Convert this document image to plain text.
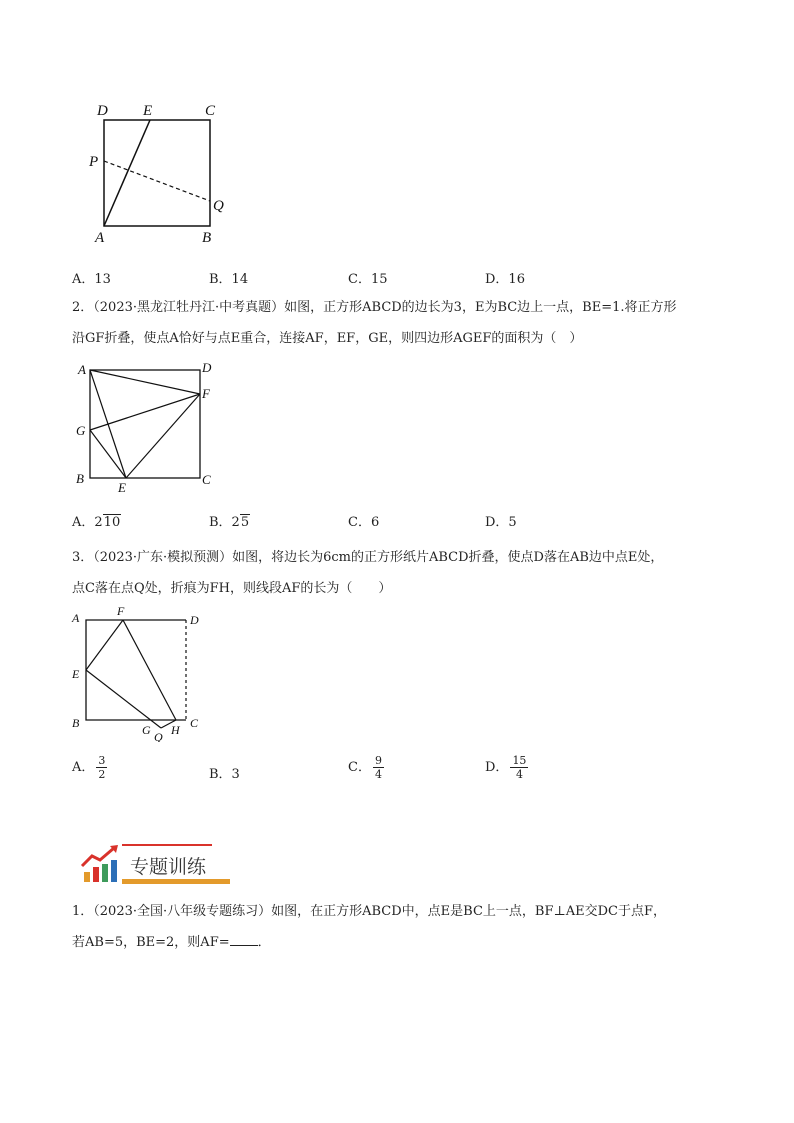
D E	C
P
Q
A	B
A．13	B．14	C．15	D．16
2．（2023·黑龙江牡丹江·中考真题）如图，正方形ABCD的边长为3，E为BC边上一点，BE=1.将正方形
沿GF折叠，使点A恰好与点E重合，连接AF，EF，GE，则四边形AGEF的面积为（　）
A	D
F
G
B
E
C
A．210	B．25	C．6	D．5
3．（2023·广东·模拟预测）如图，将边长为6cm的正方形纸片ABCD折叠，使点D落在AB边中点E处，
点C落在点Q处，折痕为FH，则线段AF的长为（　　）
A	F
D
E
B	G Q H C
A． $\frac{3}{2}$	B．3	C． $\frac{9}{4}$	D． $\frac{15}{4}$
专题训练
1．（2023·全国·八年级专题练习）如图，在正方形ABCD中，点E是BC上一点，BF⊥AE交DC于点F，
若AB=5，BE=2，则AF= ．
